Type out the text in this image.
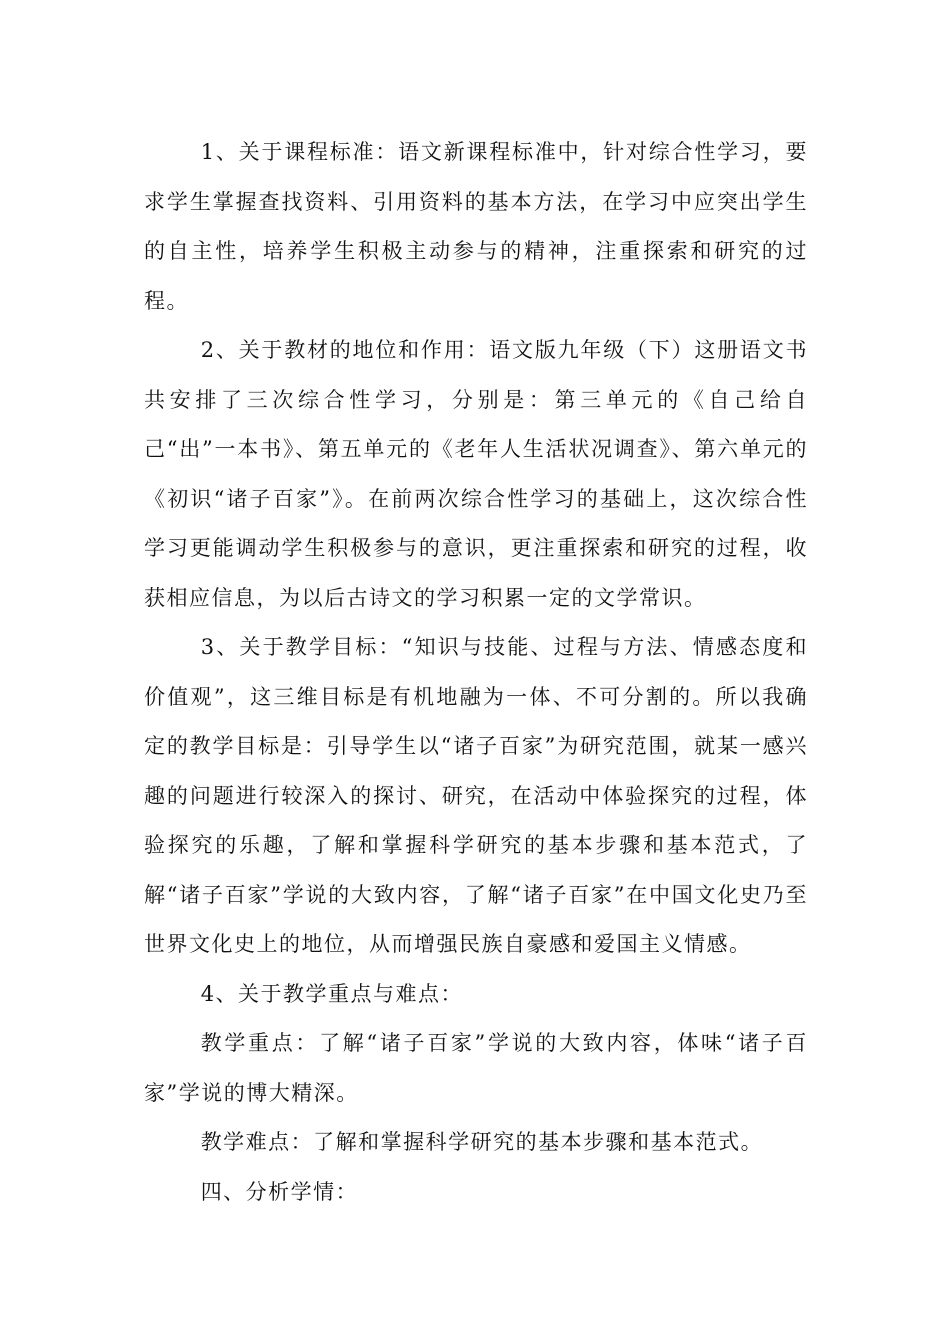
1、关于课程标准：语文新课程标准中，针对综合性学习，要求学生掌握查找资料、引用资料的基本方法，在学习中应突出学生的自主性，培养学生积极主动参与的精神，注重探索和研究的过程。

2、关于教材的地位和作用：语文版九年级（下）这册语文书共安排了三次综合性学习，分别是：第三单元的《自己给自己“出”一本书》、第五单元的《老年人生活状况调查》、第六单元的《初识“诸子百家”》。在前两次综合性学习的基础上，这次综合性学习更能调动学生积极参与的意识，更注重探索和研究的过程，收获相应信息，为以后古诗文的学习积累一定的文学常识。

3、关于教学目标：“知识与技能、过程与方法、情感态度和价值观”，这三维目标是有机地融为一体、不可分割的。所以我确定的教学目标是：引导学生以“诸子百家”为研究范围，就某一感兴趣的问题进行较深入的探讨、研究，在活动中体验探究的过程，体验探究的乐趣，了解和掌握科学研究的基本步骤和基本范式，了解“诸子百家”学说的大致内容，了解“诸子百家”在中国文化史乃至世界文化史上的地位，从而增强民族自豪感和爱国主义情感。

4、关于教学重点与难点：

教学重点：了解“诸子百家”学说的大致内容，体味“诸子百家”学说的博大精深。

教学难点：了解和掌握科学研究的基本步骤和基本范式。

四、分析学情：
